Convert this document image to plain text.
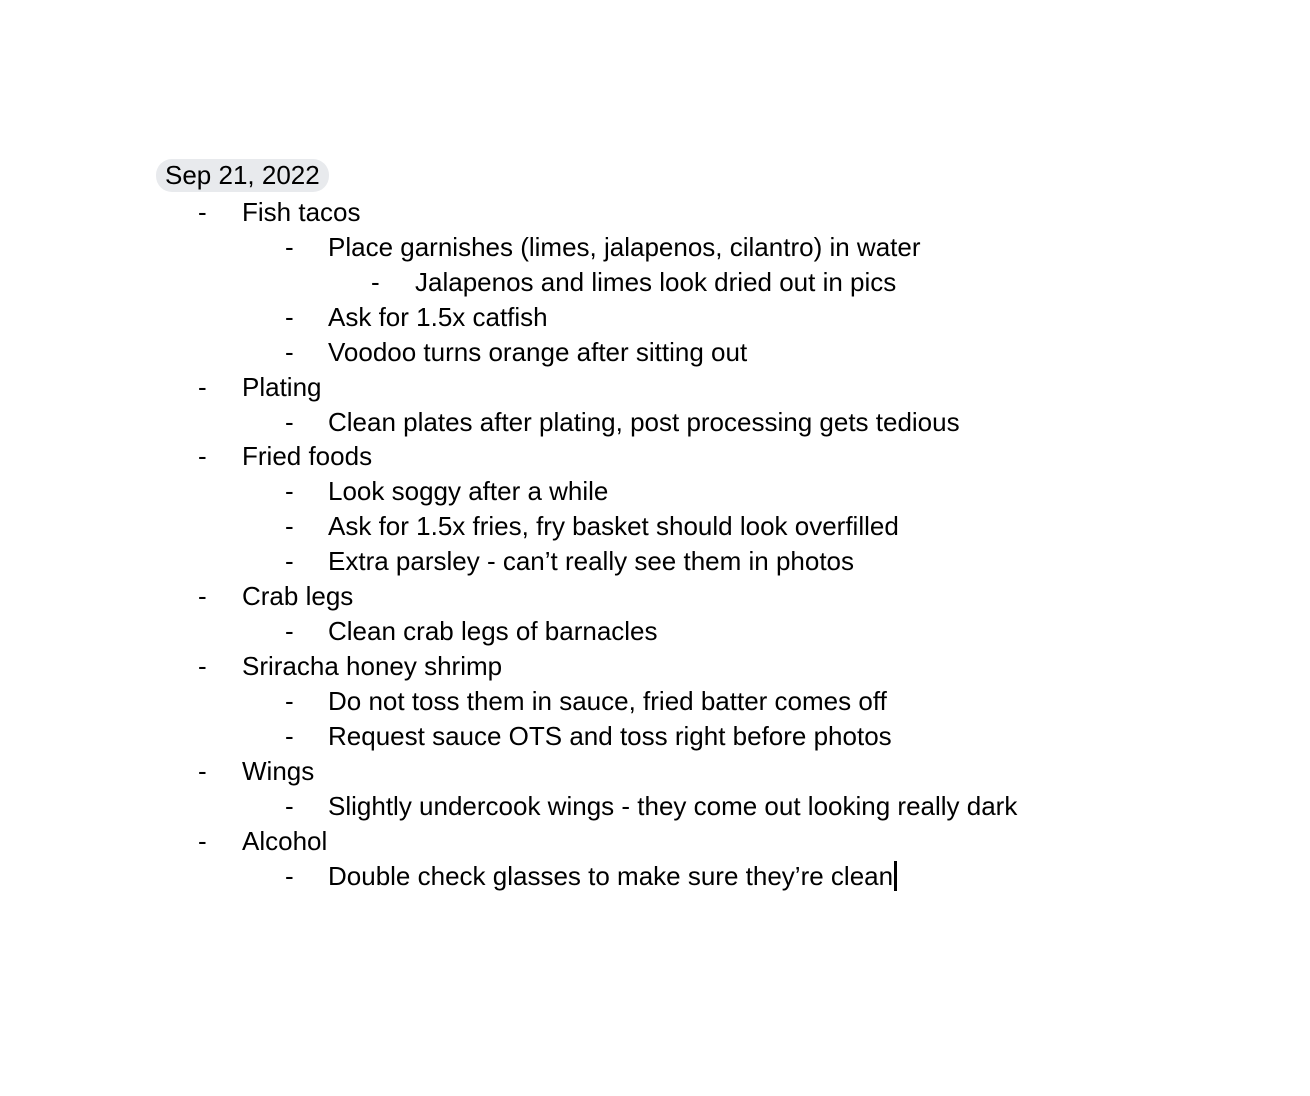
Sep 21, 2022
- Fish tacos
- Place garnishes (limes, jalapenos, cilantro) in water
- Jalapenos and limes look dried out in pics
- Ask for 1.5x catfish
- Voodoo turns orange after sitting out
- Plating
- Clean plates after plating, post processing gets tedious
- Fried foods
- Look soggy after a while
- Ask for 1.5x fries, fry basket should look overfilled
- Extra parsley - can’t really see them in photos
- Crab legs
- Clean crab legs of barnacles
- Sriracha honey shrimp
- Do not toss them in sauce, fried batter comes off
- Request sauce OTS and toss right before photos
- Wings
- Slightly undercook wings - they come out looking really dark
- Alcohol
- Double check glasses to make sure they’re clean
